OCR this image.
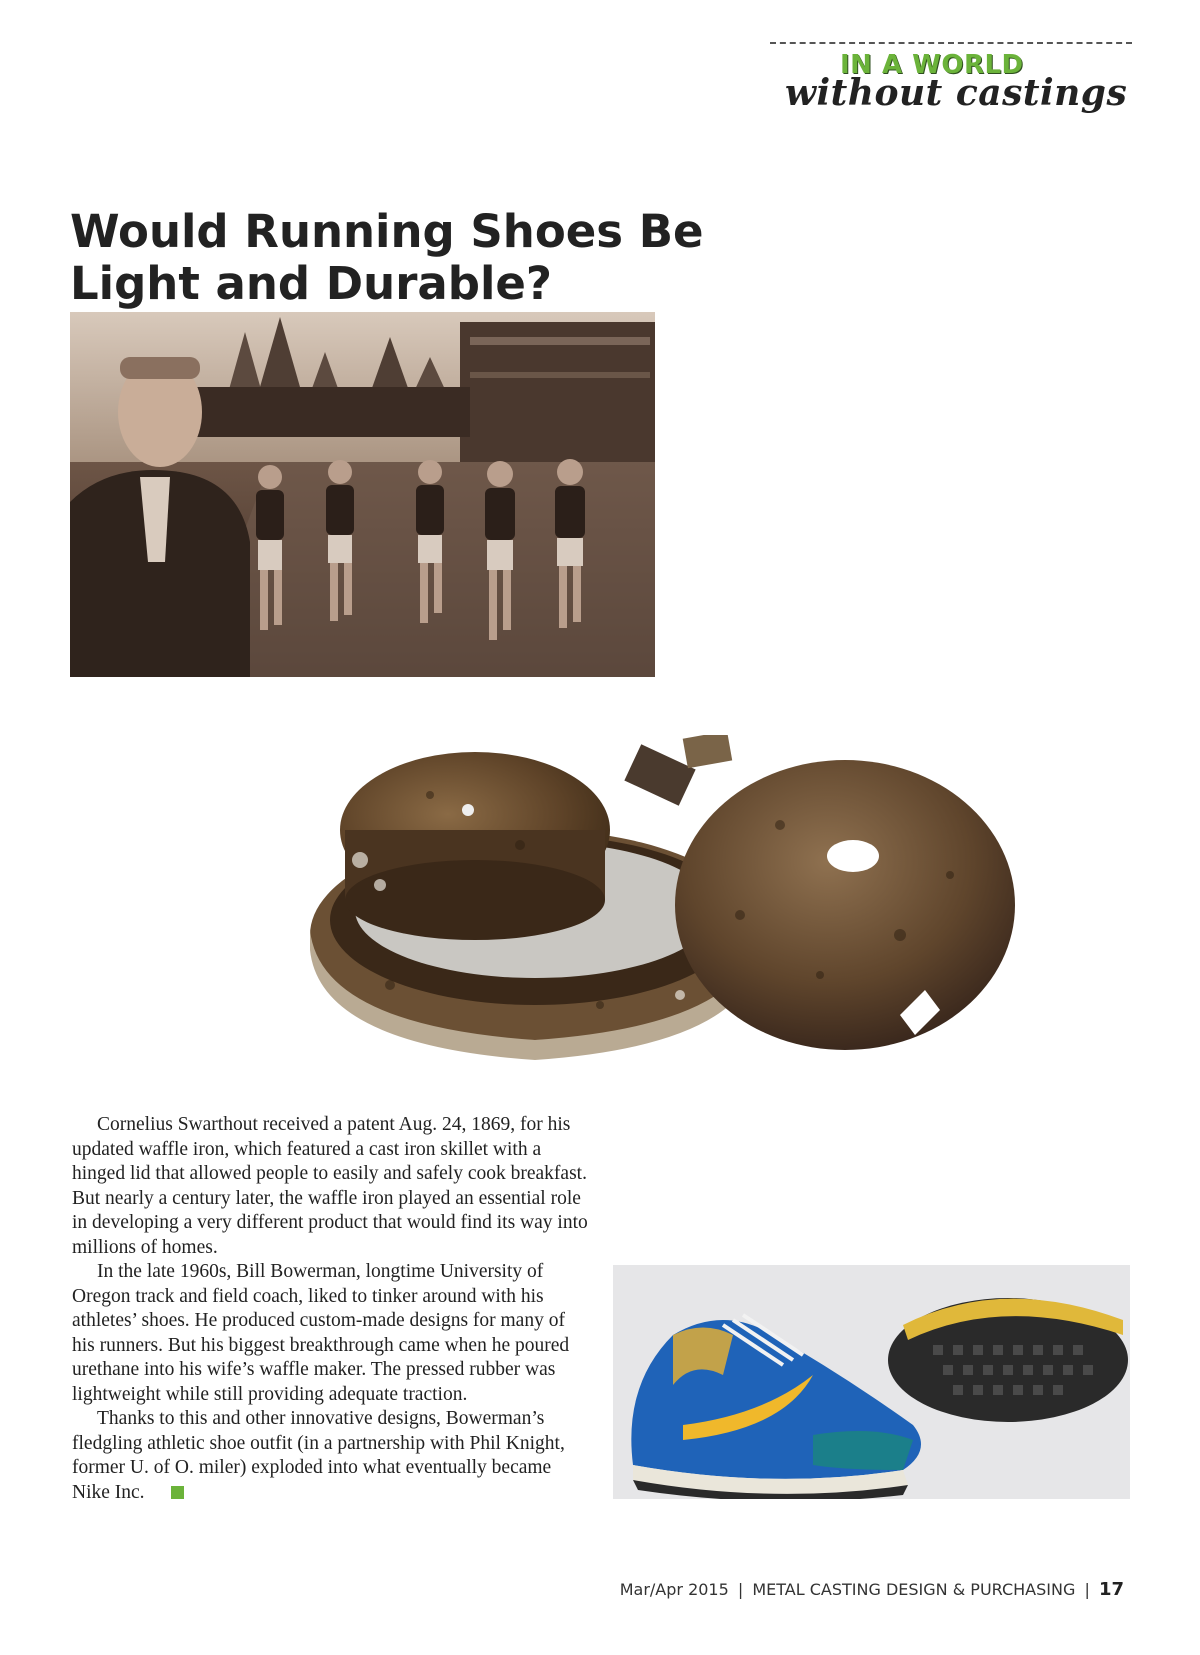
IN A WORLD
without castings
Would Running Shoes Be Light and Durable?

Cornelius Swarthout received a patent Aug. 24, 1869, for his updated waffle iron, which featured a cast iron skillet with a hinged lid that allowed people to easily and safely cook breakfast. But nearly a century later, the waffle iron played an essential role in developing a very different product that would find its way into millions of homes.

In the late 1960s, Bill Bowerman, longtime University of Oregon track and field coach, liked to tinker around with his athletes’ shoes. He produced custom-made designs for many of his runners. But his biggest breakthrough came when he poured urethane into his wife’s waffle maker. The pressed rubber was lightweight while still providing adequate traction.

Thanks to this and other innovative designs, Bowerman’s fledgling athletic shoe outfit (in a partnership with Phil Knight, former U. of O. miler) exploded into what eventually became Nike Inc.

Mar/Apr 2015 | METAL CASTING DESIGN & PURCHASING | 17
